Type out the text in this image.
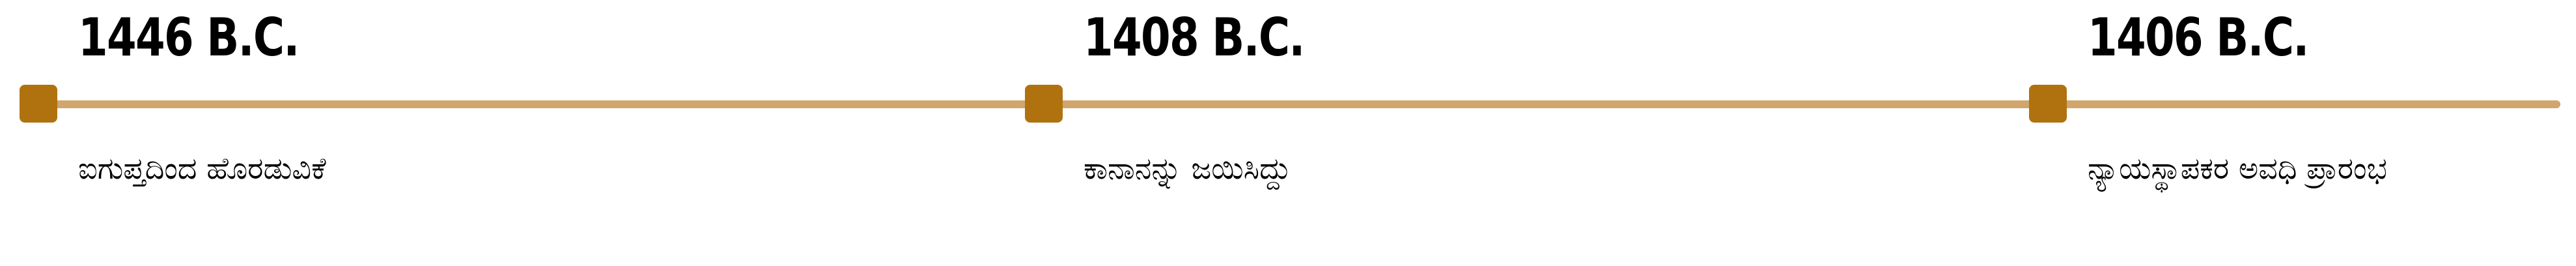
1446 B.C.

ಐಗುಪ್ತದಿಂದ ಹೊರಡುವಿಕೆ

1408 B.C.

ಕಾನಾನನ್ನು ಜಯಿಸಿದ್ದು

1406 B.C.

ನ್ಯಾಯಸ್ಥಾಪಕರ ಅವಧಿ ಪ್ರಾರಂಭ
